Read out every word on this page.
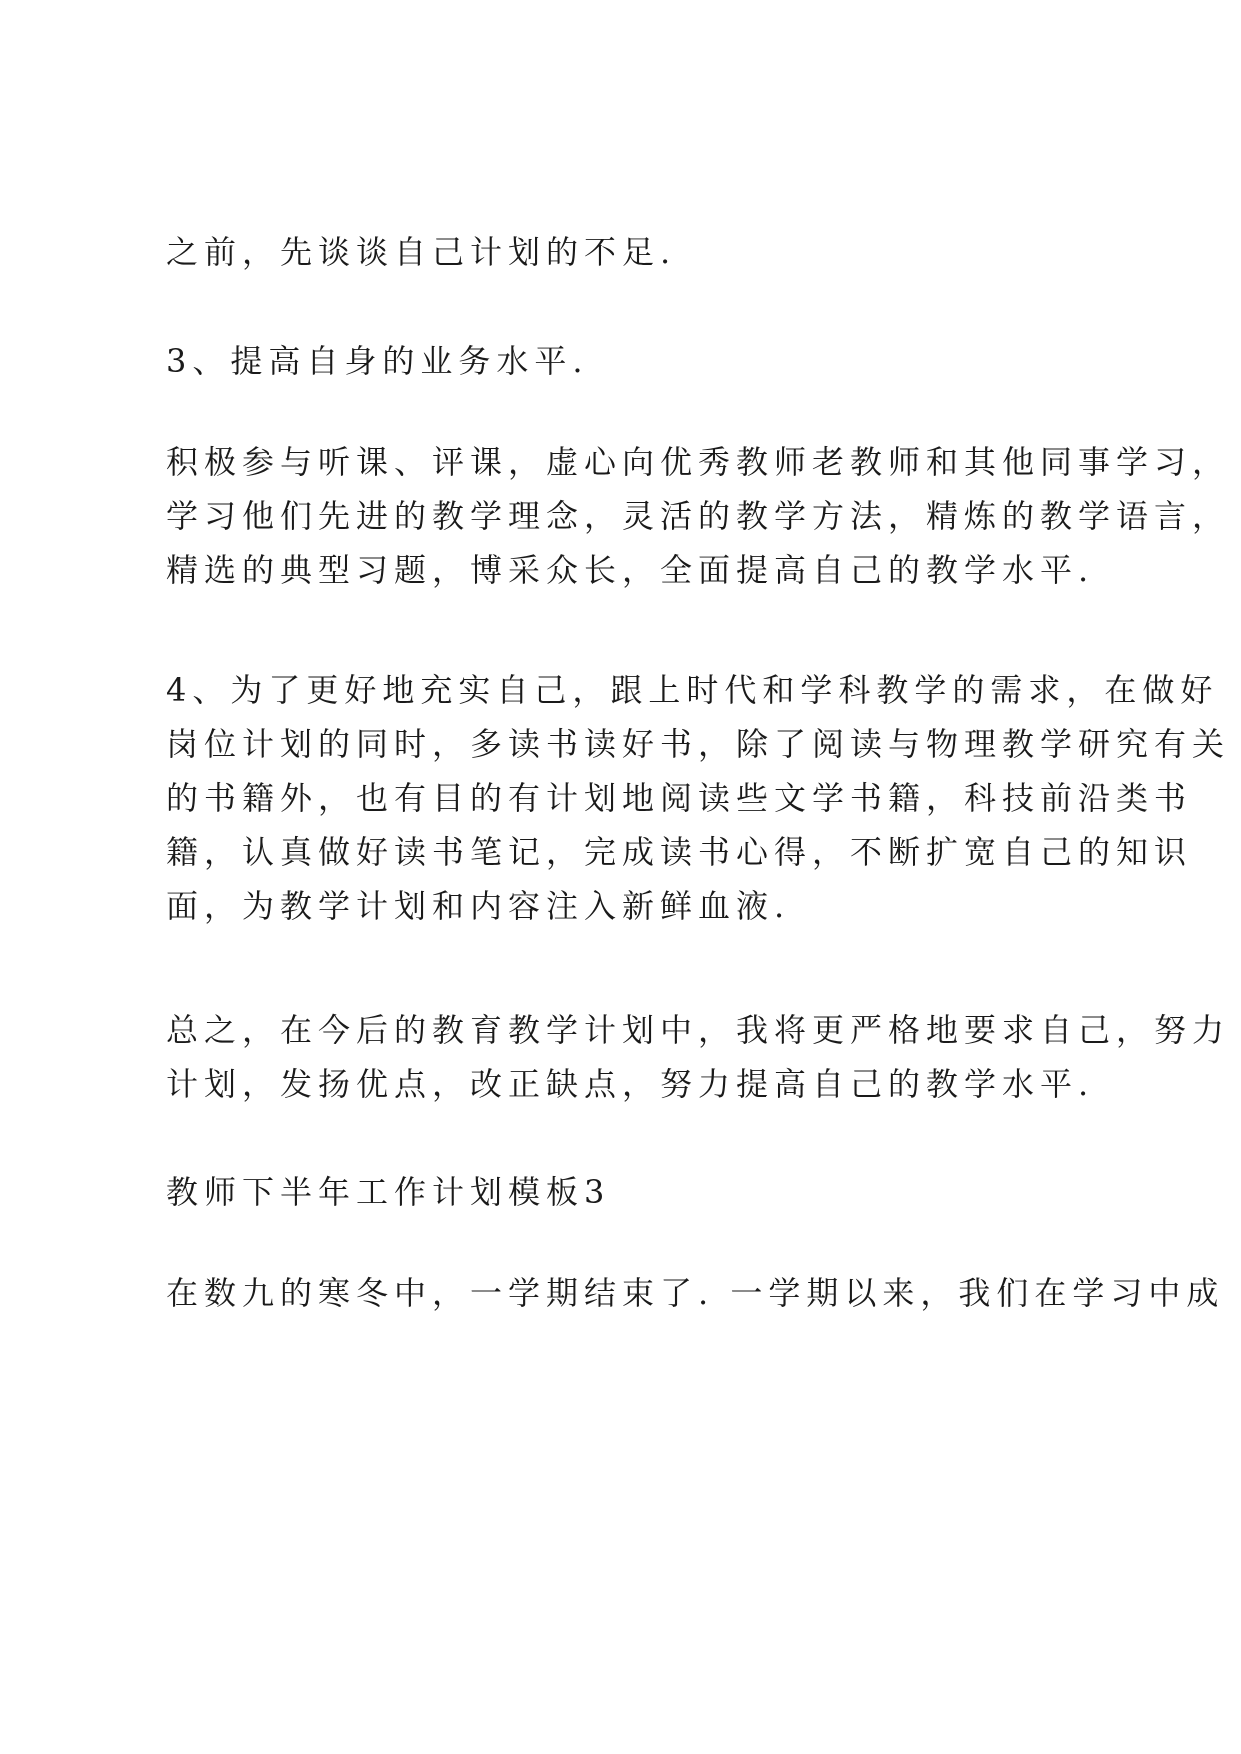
之前，先谈谈自己计划的不足.

3、提高自身的业务水平.

积极参与听课、评课，虚心向优秀教师老教师和其他同事学习，
学习他们先进的教学理念，灵活的教学方法，精炼的教学语言，
精选的典型习题，博采众长，全面提高自己的教学水平.

4、为了更好地充实自己，跟上时代和学科教学的需求，在做好
岗位计划的同时，多读书读好书，除了阅读与物理教学研究有关
的书籍外，也有目的有计划地阅读些文学书籍，科技前沿类书
籍，认真做好读书笔记，完成读书心得，不断扩宽自己的知识
面，为教学计划和内容注入新鲜血液.

总之，在今后的教育教学计划中，我将更严格地要求自己，努力
计划，发扬优点，改正缺点，努力提高自己的教学水平.

教师下半年工作计划模板3

在数九的寒冬中，一学期结束了. 一学期以来，我们在学习中成
